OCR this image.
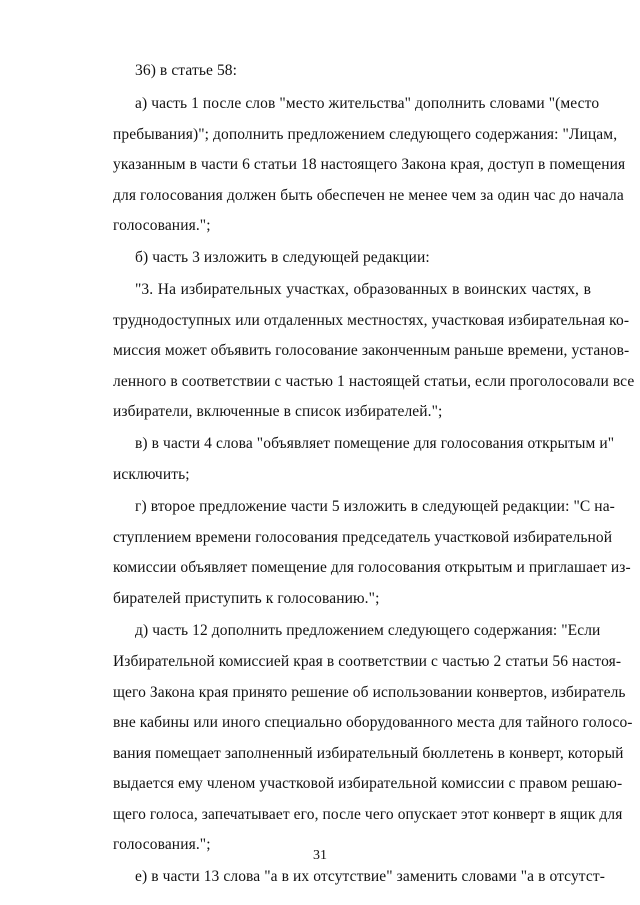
36) в статье 58:
а) часть 1 после слов "место жительства" дополнить словами "(место
пребывания)"; дополнить предложением следующего содержания: "Лицам,
указанным в части 6 статьи 18 настоящего Закона края, доступ в помещения
для голосования должен быть обеспечен не менее чем за один час до начала
голосования.";
б) часть 3 изложить в следующей редакции:
"3. На избирательных участках, образованных в воинских частях, в
труднодоступных или отдаленных местностях, участковая избирательная ко-
миссия может объявить голосование законченным раньше времени, установ-
ленного в соответствии с частью 1 настоящей статьи, если проголосовали все
избиратели, включенные в список избирателей.";
в) в части 4 слова "объявляет помещение для голосования открытым и"
исключить;
г) второе предложение части 5 изложить в следующей редакции: "С на-
ступлением времени голосования председатель участковой избирательной
комиссии объявляет помещение для голосования открытым и приглашает из-
бирателей приступить к голосованию.";
д) часть 12 дополнить предложением следующего содержания: "Если
Избирательной комиссией края в соответствии с частью 2 статьи 56 настоя-
щего Закона края принято решение об использовании конвертов, избиратель
вне кабины или иного специально оборудованного места для тайного голосо-
вания помещает заполненный избирательный бюллетень в конверт, который
выдается ему членом участковой избирательной комиссии с правом решаю-
щего голоса, запечатывает его, после чего опускает этот конверт в ящик для
голосования.";
е) в части 13 слова "а в их отсутствие" заменить словами "а в отсутст-
31
